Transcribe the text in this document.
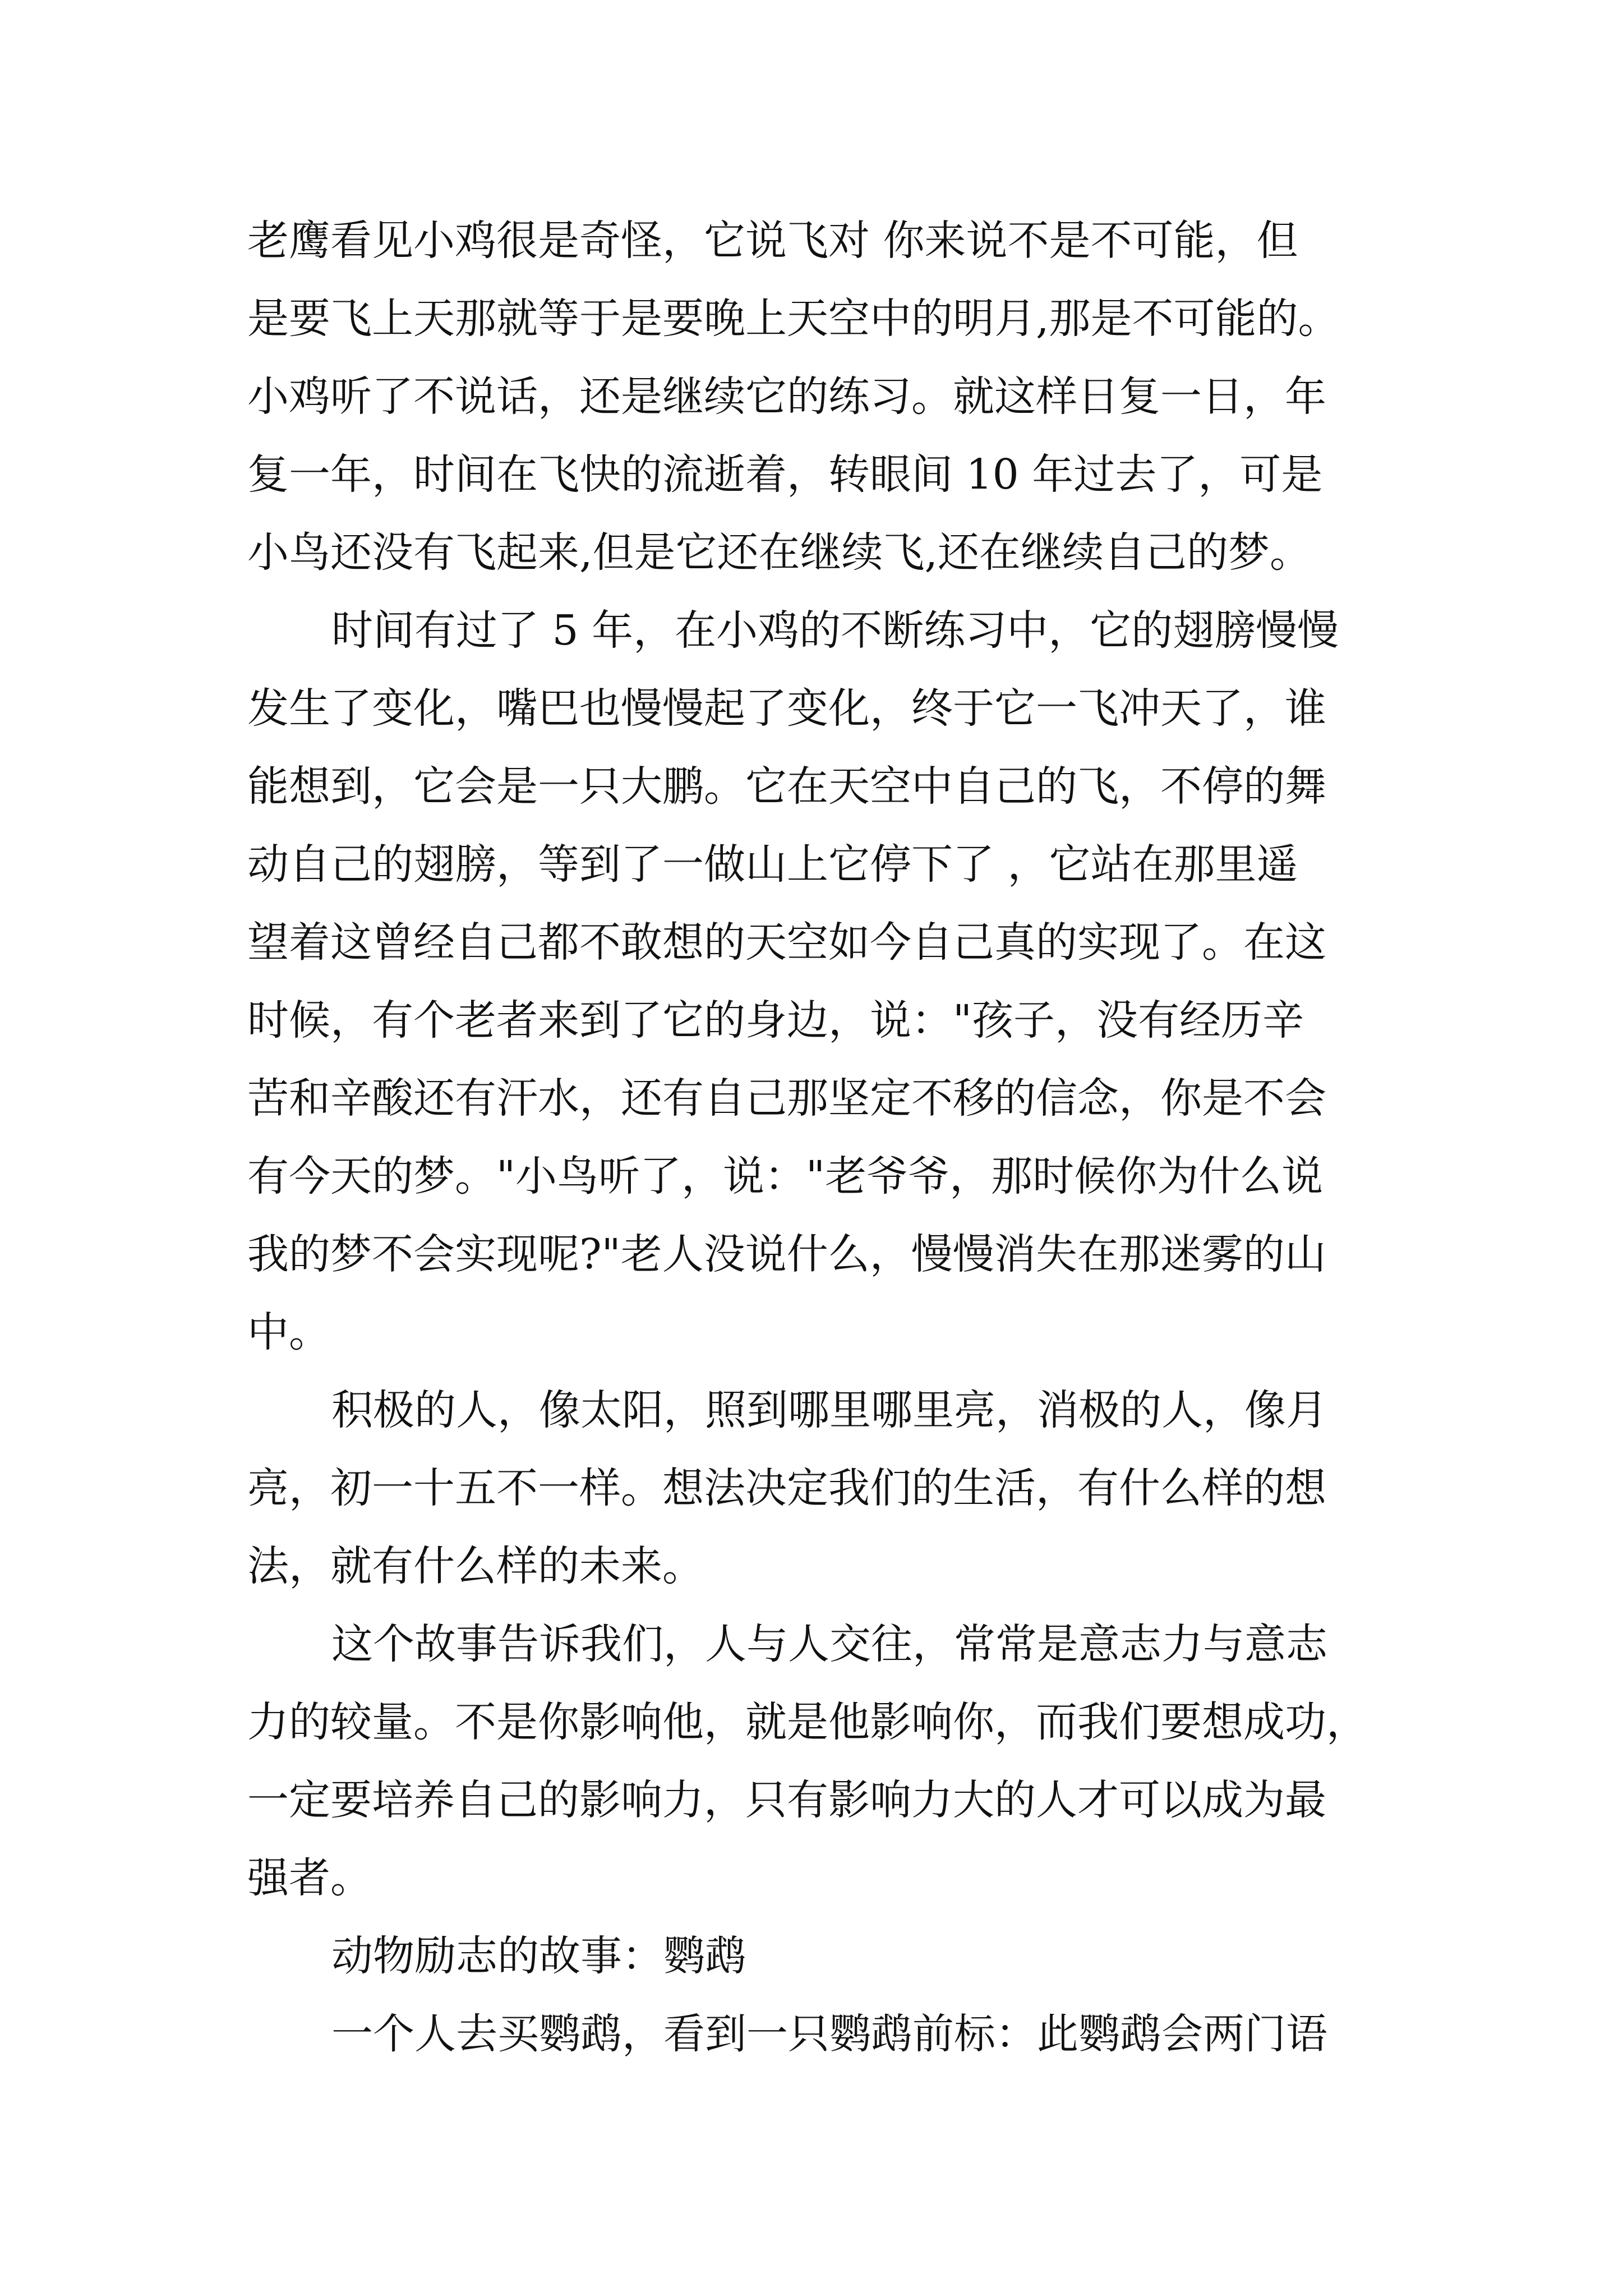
老鹰看见小鸡很是奇怪，它说飞对 你来说不是不可能，但
是要飞上天那就等于是要晚上天空中的明月,那是不可能的。
小鸡听了不说话，还是继续它的练习。就这样日复一日，年
复一年，时间在飞快的流逝着，转眼间 10 年过去了，可是
小鸟还没有飞起来,但是它还在继续飞,还在继续自己的梦。
时间有过了 5 年，在小鸡的不断练习中，它的翅膀慢慢
发生了变化，嘴巴也慢慢起了变化，终于它一飞冲天了，谁
能想到，它会是一只大鹏。它在天空中自己的飞，不停的舞
动自己的翅膀，等到了一做山上它停下了 ，它站在那里遥
望着这曾经自己都不敢想的天空如今自己真的实现了。在这
时候，有个老者来到了它的身边，说："孩子，没有经历辛
苦和辛酸还有汗水，还有自己那坚定不移的信念，你是不会
有今天的梦。"小鸟听了，说："老爷爷，那时候你为什么说
我的梦不会实现呢?"老人没说什么，慢慢消失在那迷雾的山
中。
积极的人，像太阳，照到哪里哪里亮，消极的人，像月
亮，初一十五不一样。想法决定我们的生活，有什么样的想
法，就有什么样的未来。
这个故事告诉我们，人与人交往，常常是意志力与意志
力的较量。不是你影响他，就是他影响你，而我们要想成功，
一定要培养自己的影响力，只有影响力大的人才可以成为最
强者。
动物励志的故事：鹦鹉
一个人去买鹦鹉，看到一只鹦鹉前标：此鹦鹉会两门语
